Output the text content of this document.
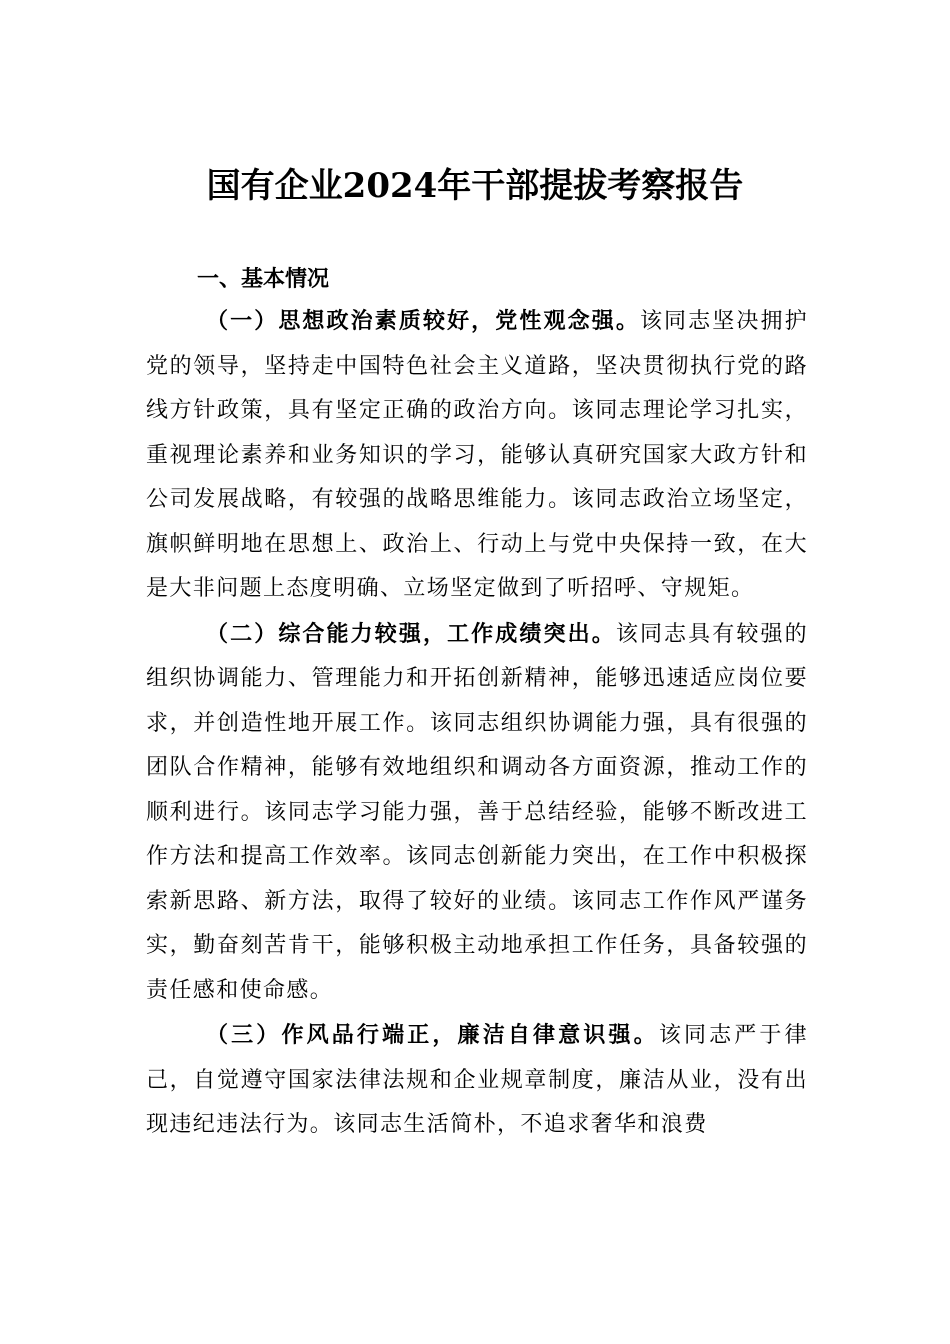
国有企业2024年干部提拔考察报告
一、基本情况

（一）思想政治素质较好，党性观念强。该同志坚决拥护党的领导，坚持走中国特色社会主义道路，坚决贯彻执行党的路线方针政策，具有坚定正确的政治方向。该同志理论学习扎实，重视理论素养和业务知识的学习，能够认真研究国家大政方针和公司发展战略，有较强的战略思维能力。该同志政治立场坚定，旗帜鲜明地在思想上、政治上、行动上与党中央保持一致，在大是大非问题上态度明确、立场坚定做到了听招呼、守规矩。

（二）综合能力较强，工作成绩突出。该同志具有较强的组织协调能力、管理能力和开拓创新精神，能够迅速适应岗位要求，并创造性地开展工作。该同志组织协调能力强，具有很强的团队合作精神，能够有效地组织和调动各方面资源，推动工作的顺利进行。该同志学习能力强，善于总结经验，能够不断改进工作方法和提高工作效率。该同志创新能力突出，在工作中积极探索新思路、新方法，取得了较好的业绩。该同志工作作风严谨务实，勤奋刻苦肯干，能够积极主动地承担工作任务，具备较强的责任感和使命感。

（三）作风品行端正，廉洁自律意识强。该同志严于律己，自觉遵守国家法律法规和企业规章制度，廉洁从业，没有出现违纪违法行为。该同志生活简朴，不追求奢华和浪费
